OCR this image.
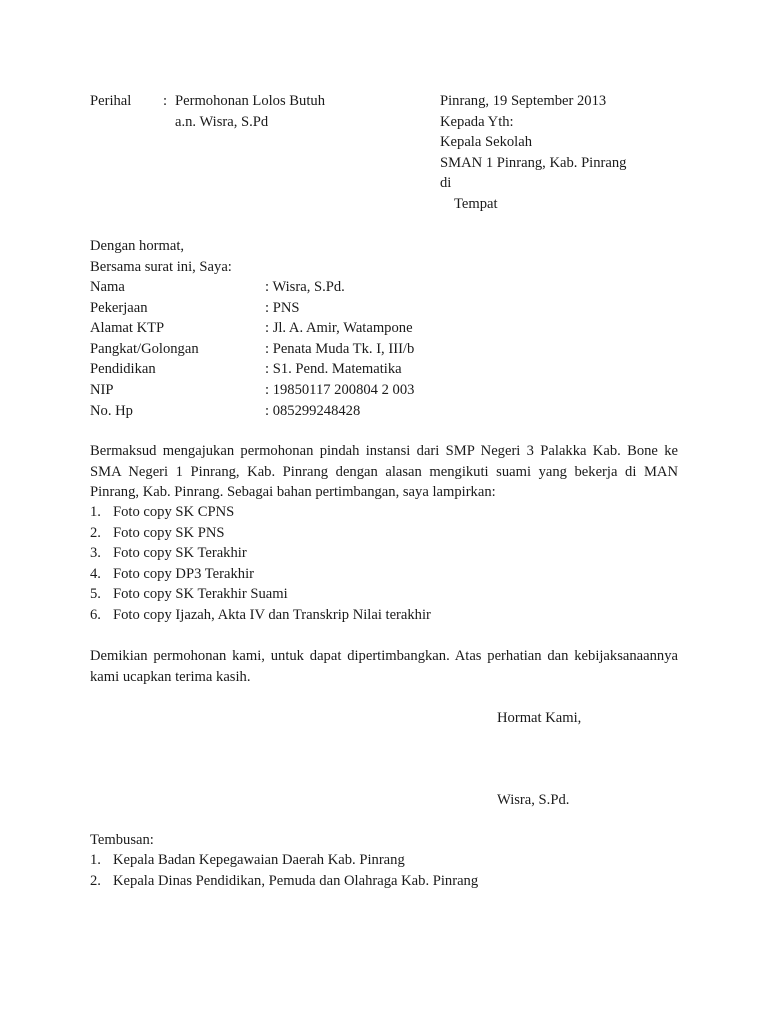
Perihal : Permohonan Lolos Butuh
a.n. Wisra, S.Pd
Pinrang, 19 September 2013
Kepada Yth:
Kepala Sekolah
SMAN 1 Pinrang, Kab. Pinrang
di
Tempat
Dengan hormat,
Bersama surat ini, Saya:
Nama	: Wisra, S.Pd.
Pekerjaan	: PNS
Alamat KTP	: Jl. A. Amir, Watampone
Pangkat/Golongan	: Penata Muda Tk. I, III/b
Pendidikan	: S1. Pend. Matematika
NIP	: 19850117 200804 2 003
No. Hp	: 085299248428

Bermaksud mengajukan permohonan pindah instansi dari SMP Negeri 3 Palakka Kab. Bone ke SMA Negeri 1 Pinrang, Kab. Pinrang dengan alasan mengikuti suami yang bekerja di MAN Pinrang, Kab. Pinrang. Sebagai bahan pertimbangan, saya lampirkan:

1. Foto copy SK CPNS
2. Foto copy SK PNS
3. Foto copy SK Terakhir
4. Foto copy DP3 Terakhir
5. Foto copy SK Terakhir Suami
6. Foto copy Ijazah, Akta IV dan Transkrip Nilai terakhir

Demikian permohonan kami, untuk dapat dipertimbangkan. Atas perhatian dan kebijaksanaannya kami ucapkan terima kasih.

Hormat Kami,
Wisra, S.Pd.
Tembusan:
1. Kepala Badan Kepegawaian Daerah Kab. Pinrang
2. Kepala Dinas Pendidikan, Pemuda dan Olahraga Kab. Pinrang
